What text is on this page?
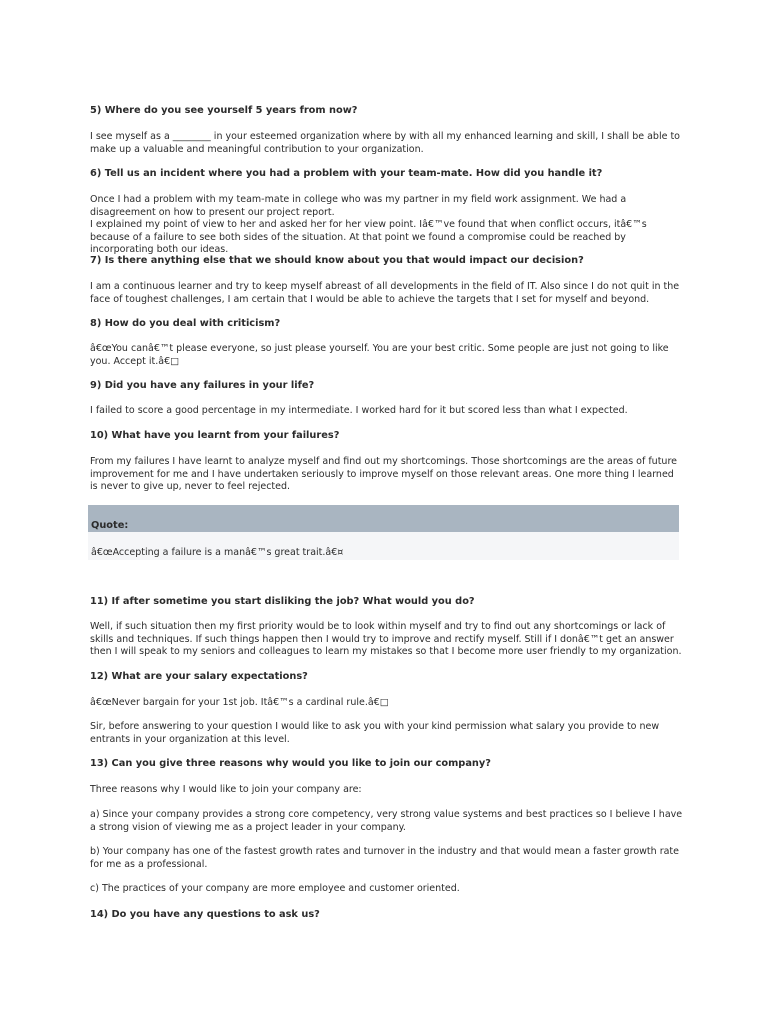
5) Where do you see yourself 5 years from now?

I see myself as a ________ in your esteemed organization where by with all my enhanced learning and skill, I shall be able to make up a valuable and meaningful contribution to your organization.

6) Tell us an incident where you had a problem with your team-mate. How did you handle it?

Once I had a problem with my team-mate in college who was my partner in my field work assignment. We had a disagreement on how to present our project report.
I explained my point of view to her and asked her for her view point. Iâ€™ve found that when conflict occurs, itâ€™s because of a failure to see both sides of the situation. At that point we found a compromise could be reached by incorporating both our ideas.

7) Is there anything else that we should know about you that would impact our decision?

I am a continuous learner and try to keep myself abreast of all developments in the field of IT. Also since I do not quit in the face of toughest challenges, I am certain that I would be able to achieve the targets that I set for myself and beyond.

8) How do you deal with criticism?

â€œYou canâ€™t please everyone, so just please yourself. You are your best critic. Some people are just not going to like you. Accept it.â€□

9) Did you have any failures in your life?

I failed to score a good percentage in my intermediate. I worked hard for it but scored less than what I expected.

10) What have you learnt from your failures?

From my failures I have learnt to analyze myself and find out my shortcomings. Those shortcomings are the areas of future improvement for me and I have undertaken seriously to improve myself on those relevant areas. One more thing I learned is never to give up, never to feel rejected.

Quote:
â€œAccepting a failure is a manâ€™s great trait.â€¤

11) If after sometime you start disliking the job? What would you do?

Well, if such situation then my first priority would be to look within myself and try to find out any shortcomings or lack of skills and techniques. If such things happen then I would try to improve and rectify myself. Still if I donâ€™t get an answer then I will speak to my seniors and colleagues to learn my mistakes so that I become more user friendly to my organization.

12) What are your salary expectations?

â€œNever bargain for your 1st job. Itâ€™s a cardinal rule.â€□

Sir, before answering to your question I would like to ask you with your kind permission what salary you provide to new entrants in your organization at this level.

13) Can you give three reasons why would you like to join our company?

Three reasons why I would like to join your company are:

a) Since your company provides a strong core competency, very strong value systems and best practices so I believe I have a strong vision of viewing me as a project leader in your company.

b) Your company has one of the fastest growth rates and turnover in the industry and that would mean a faster growth rate for me as a professional.

c) The practices of your company are more employee and customer oriented.

14) Do you have any questions to ask us?
